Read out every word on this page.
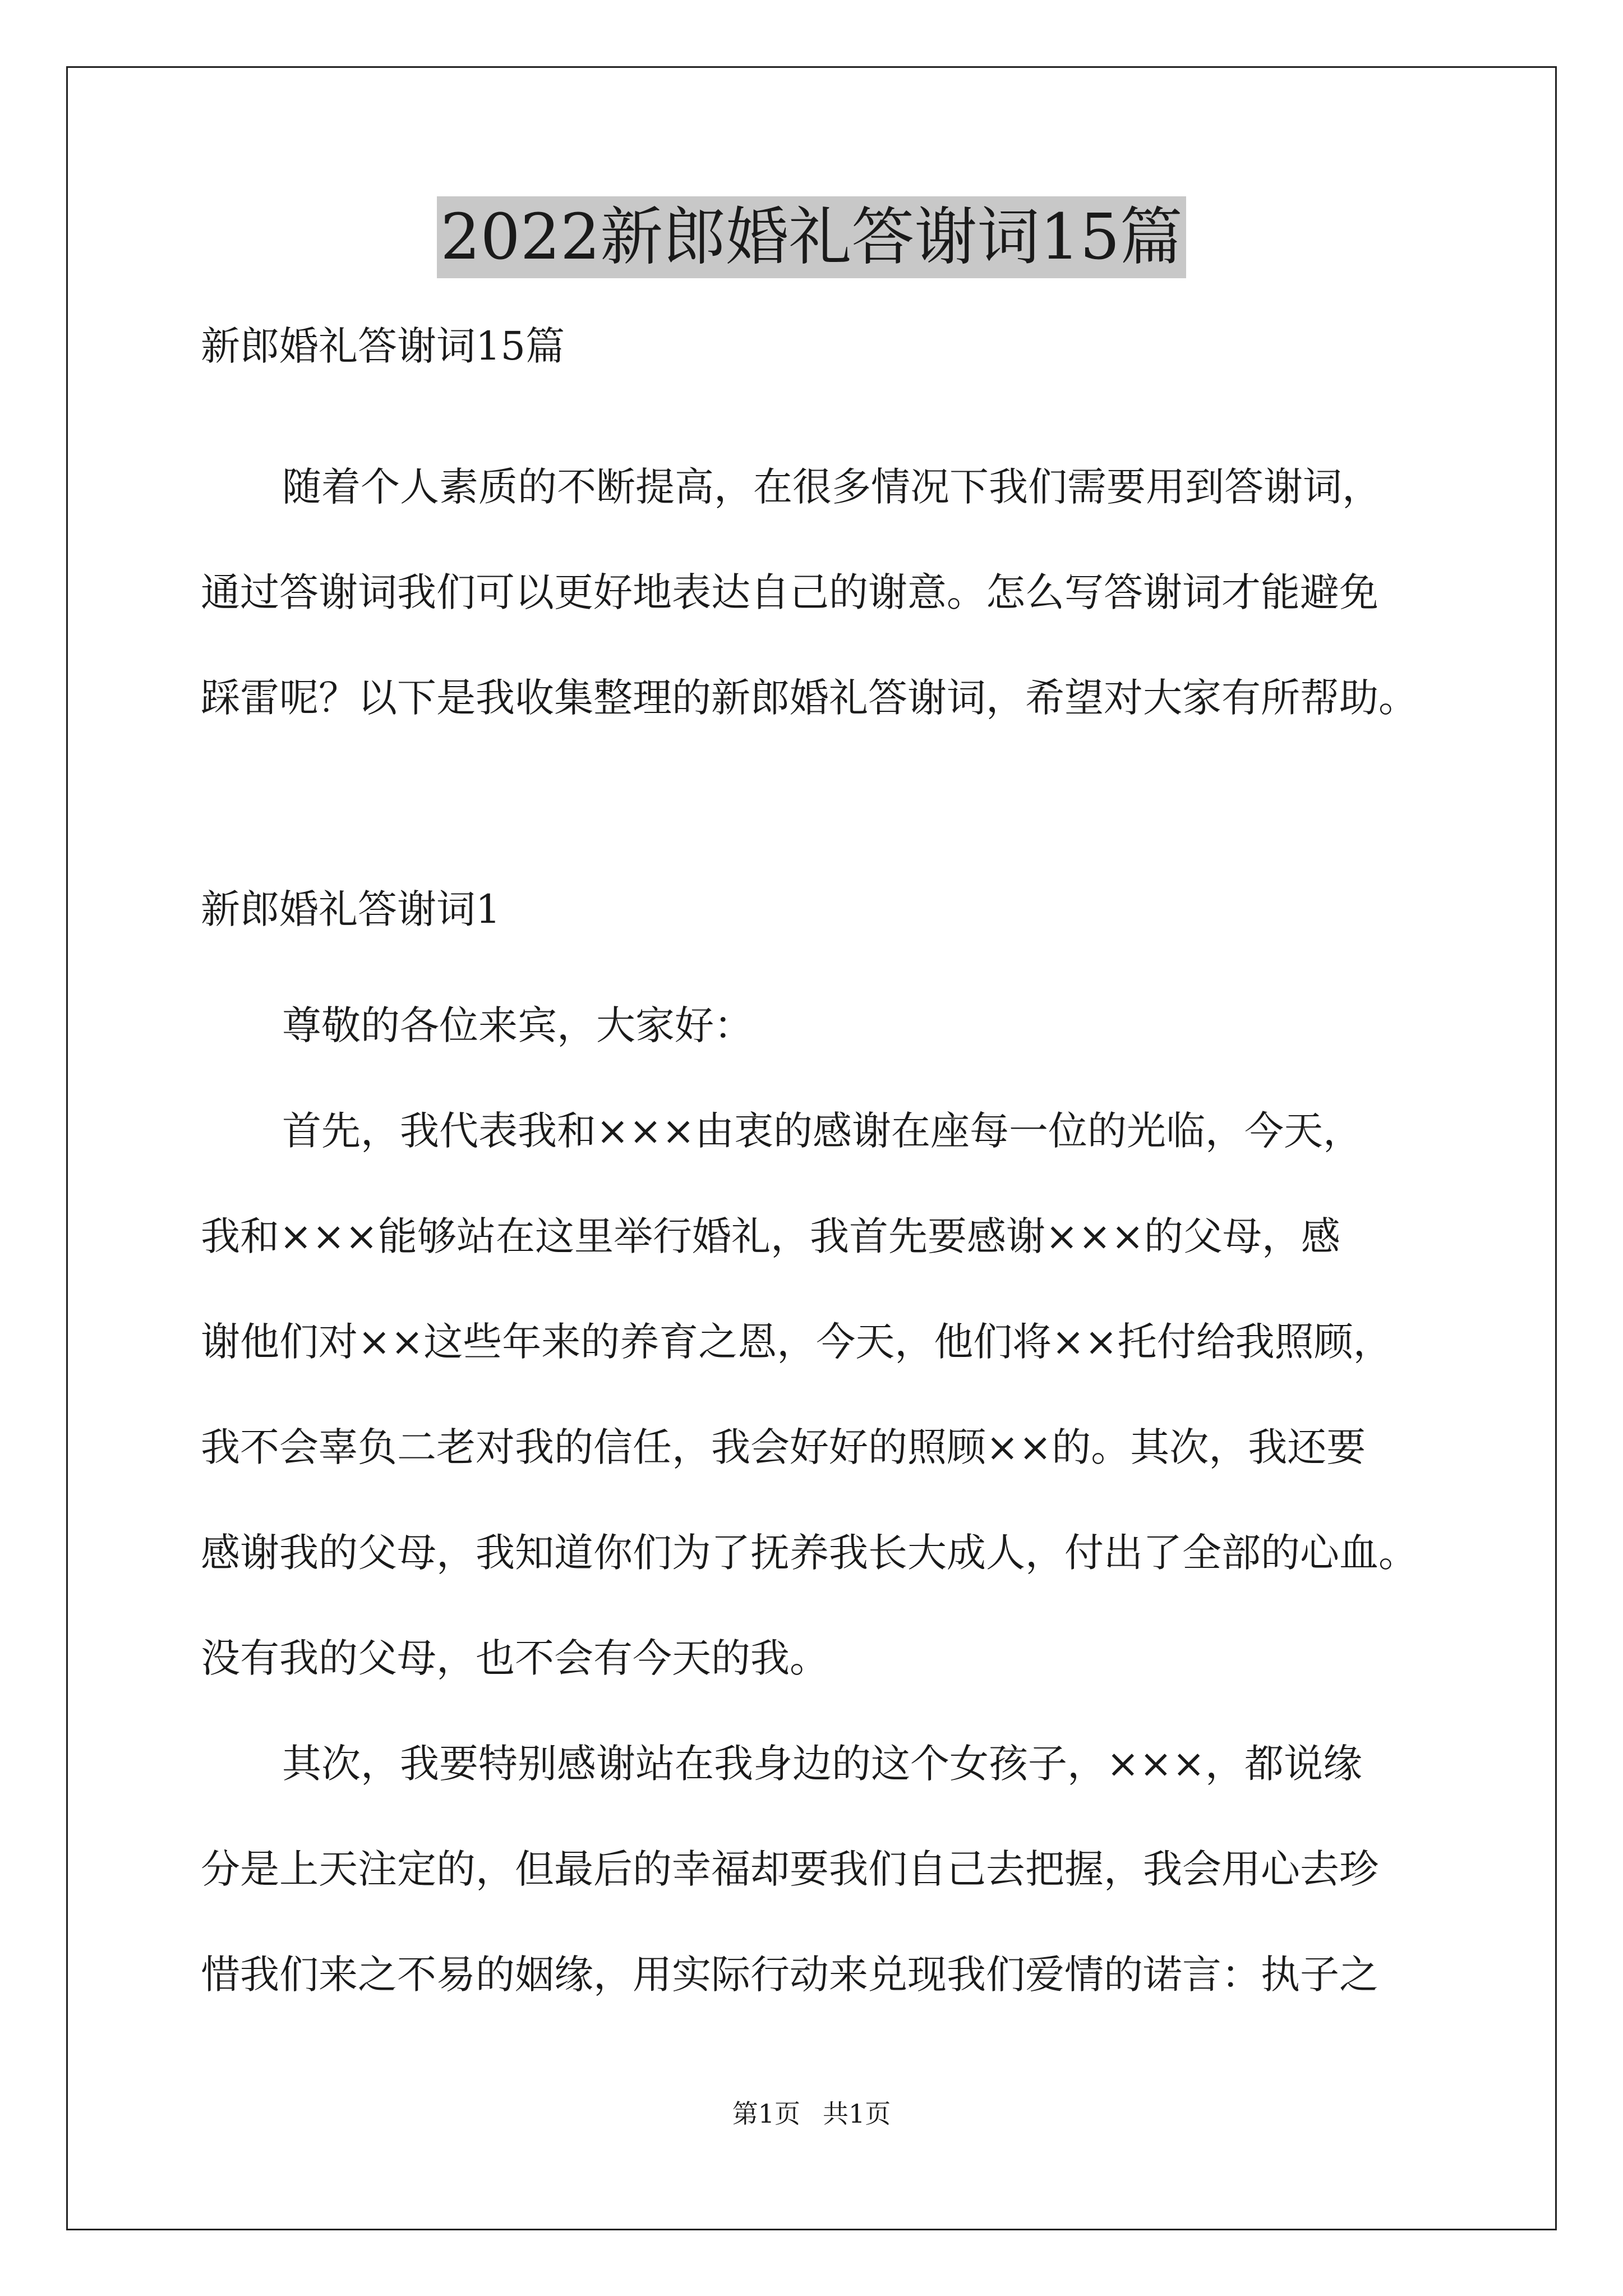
2022新郎婚礼答谢词15篇
新郎婚礼答谢词15篇
随着个人素质的不断提高，在很多情况下我们需要用到答谢词，
通过答谢词我们可以更好地表达自己的谢意。怎么写答谢词才能避免
踩雷呢？以下是我收集整理的新郎婚礼答谢词，希望对大家有所帮助。
新郎婚礼答谢词1
尊敬的各位来宾，大家好：
首先，我代表我和×××由衷的感谢在座每一位的光临，今天，
我和×××能够站在这里举行婚礼，我首先要感谢×××的父母，感
谢他们对××这些年来的养育之恩，今天，他们将××托付给我照顾，
我不会辜负二老对我的信任，我会好好的照顾××的。其次，我还要
感谢我的父母，我知道你们为了抚养我长大成人，付出了全部的心血。
没有我的父母，也不会有今天的我。
其次，我要特别感谢站在我身边的这个女孩子，×××，都说缘
分是上天注定的，但最后的幸福却要我们自己去把握，我会用心去珍
惜我们来之不易的姻缘，用实际行动来兑现我们爱情的诺言：执子之
第1页 共1页
